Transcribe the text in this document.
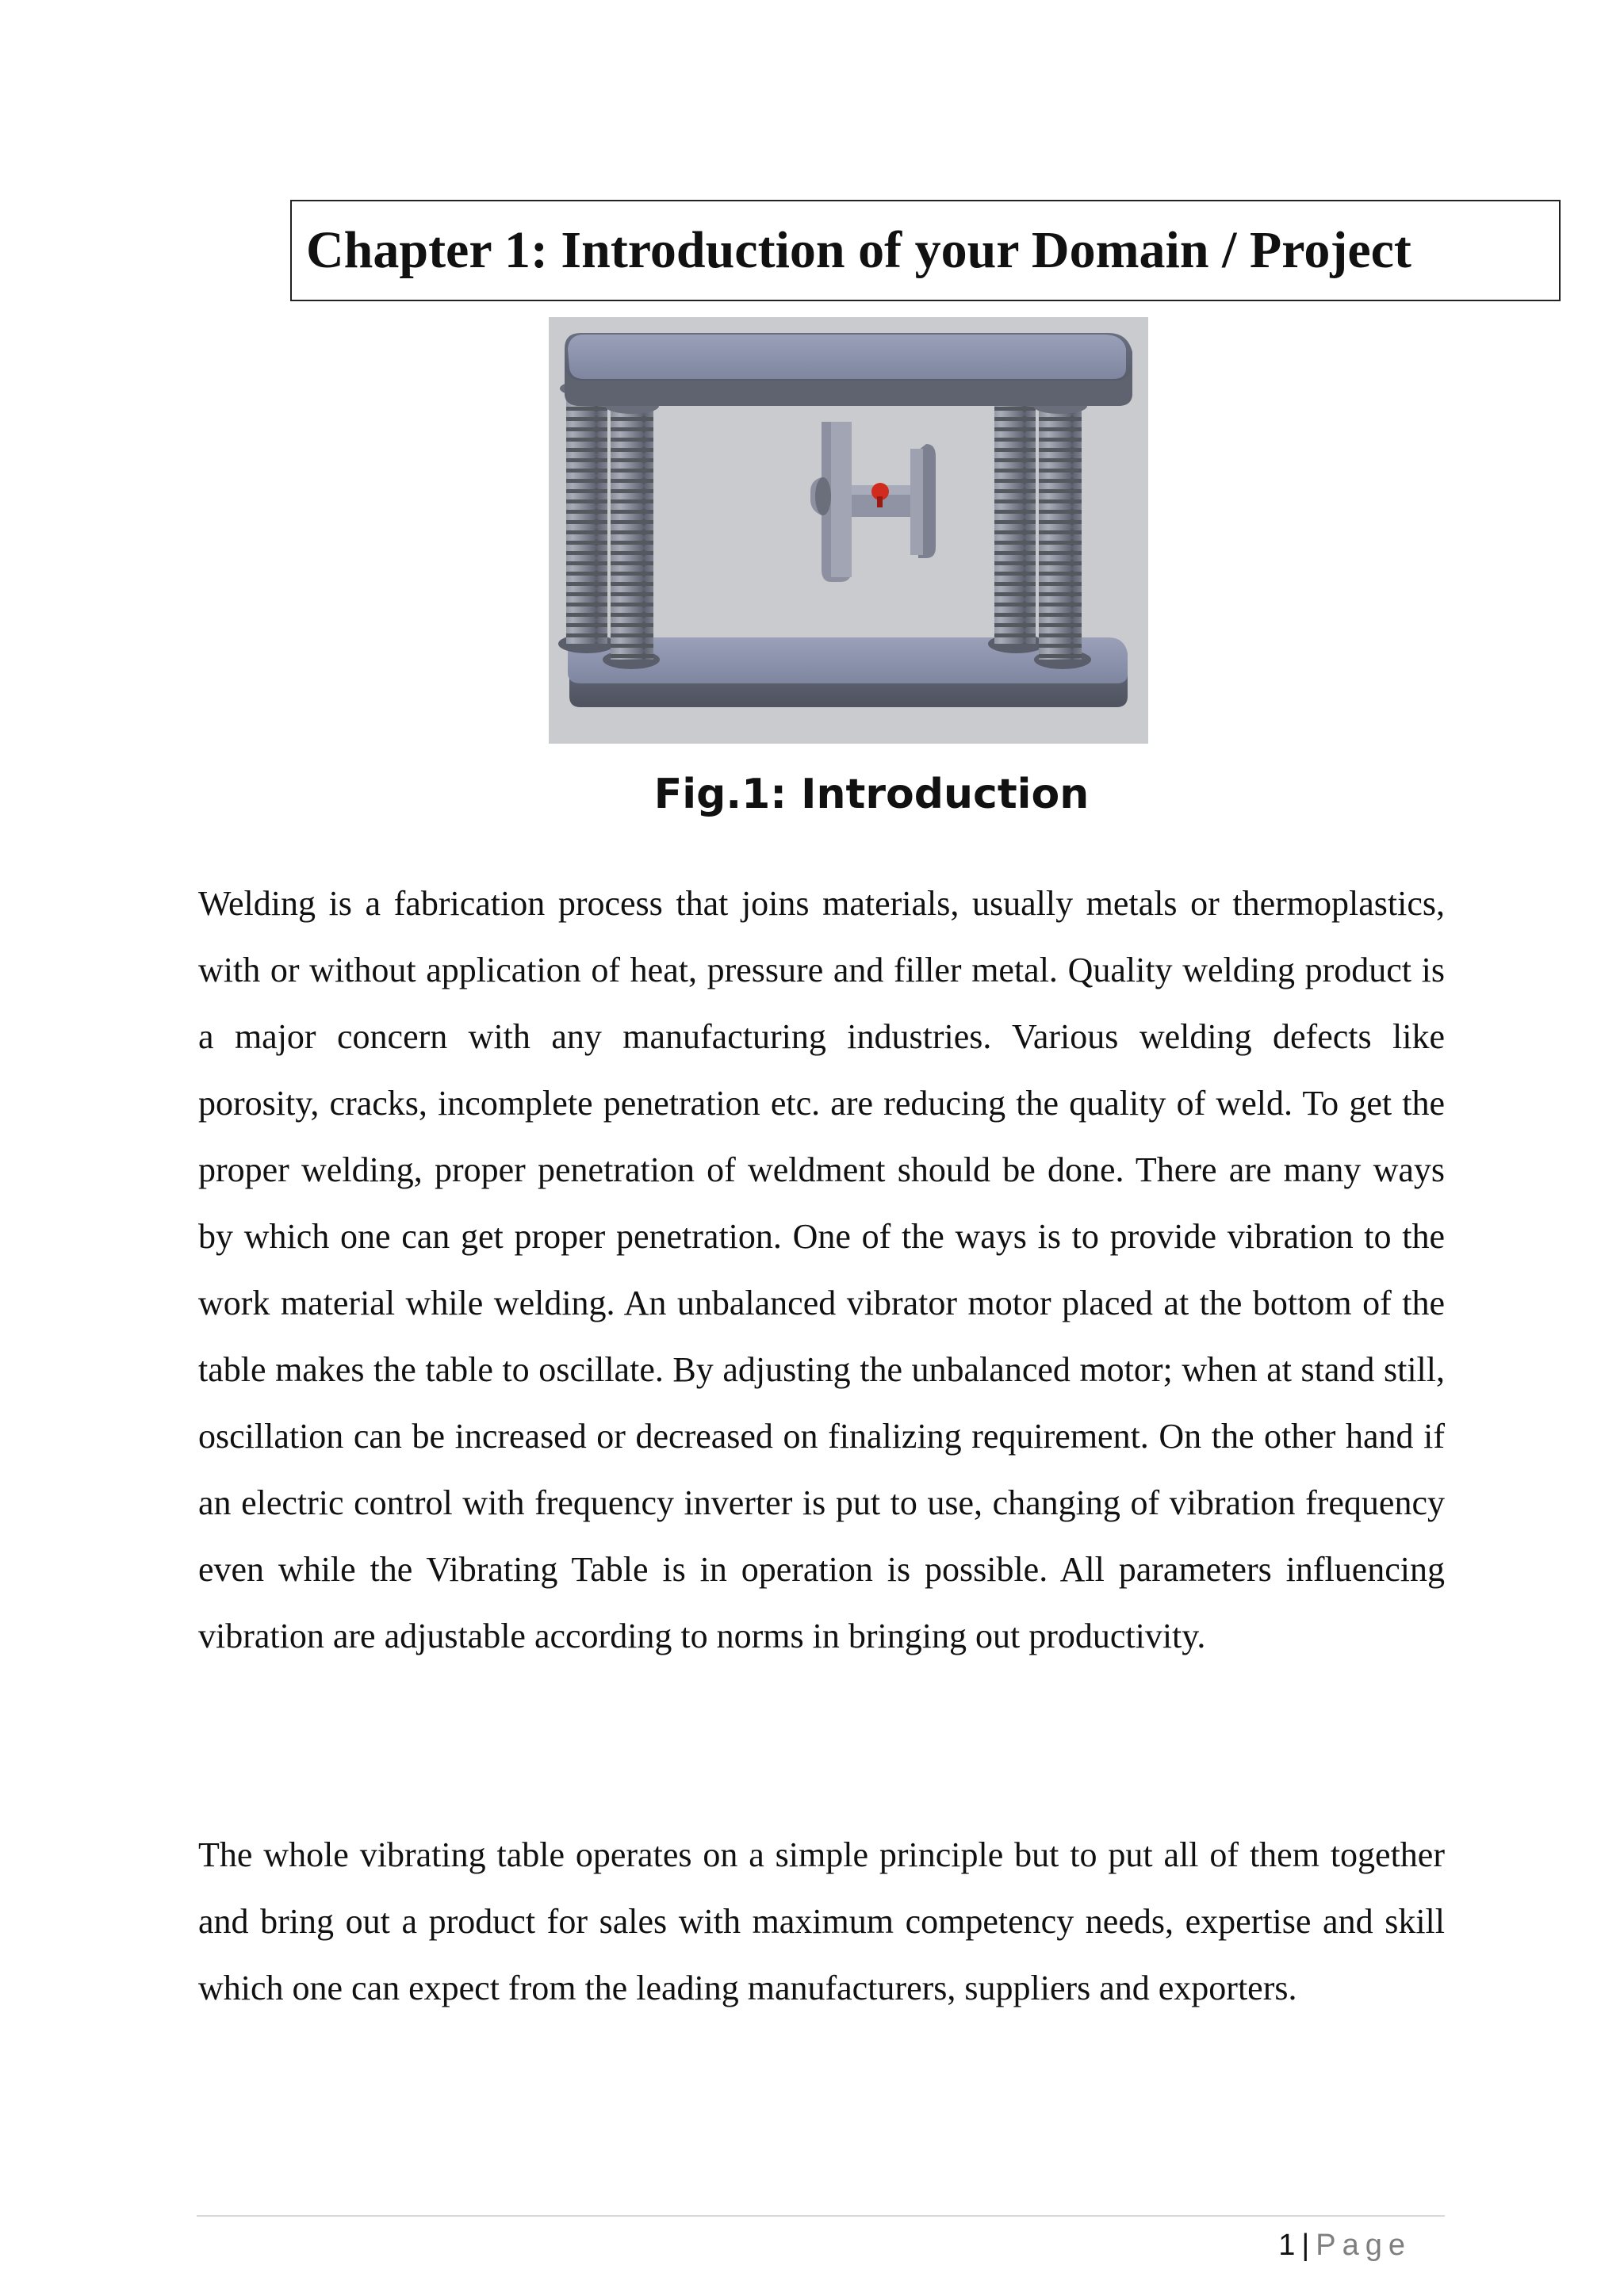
Chapter 1: Introduction of your Domain / Project

Fig.1: Introduction

Welding is a fabrication process that joins materials, usually metals or thermoplastics, with or without application of heat, pressure and filler metal. Quality welding product is a major concern with any manufacturing industries. Various welding defects like porosity, cracks, incomplete penetration etc. are reducing the quality of weld. To get the proper welding, proper penetration of weldment should be done. There are many ways by which one can get proper penetration. One of the ways is to provide vibration to the work material while welding. An unbalanced vibrator motor placed at the bottom of the table makes the table to oscillate. By adjusting the unbalanced motor; when at stand still, oscillation can be increased or decreased on finalizing requirement. On the other hand if an electric control with frequency inverter is put to use, changing of vibration frequency even while the Vibrating Table is in operation is possible. All parameters influencing vibration are adjustable according to norms in bringing out productivity.

The whole vibrating table operates on a simple principle but to put all of them together and bring out a product for sales with maximum competency needs, expertise and skill which one can expect from the leading manufacturers, suppliers and exporters.

1 | Page
